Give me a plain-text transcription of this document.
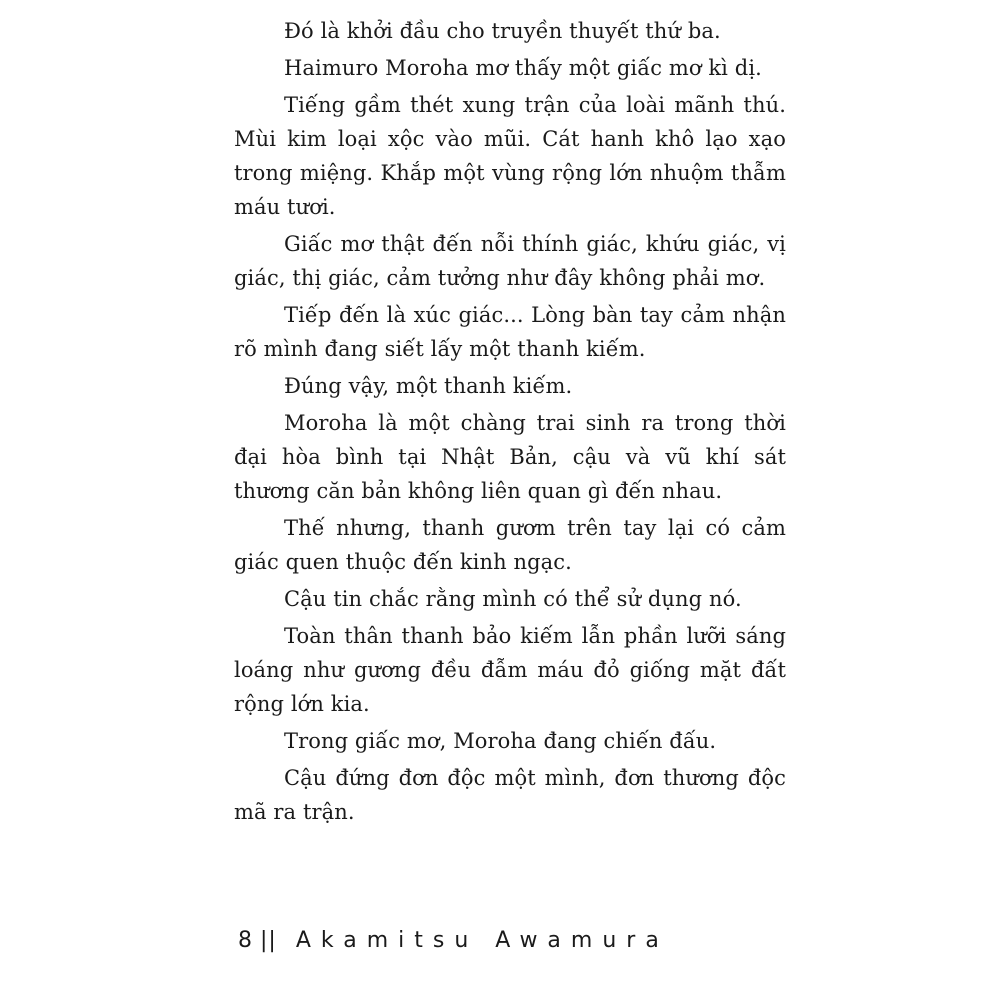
Đó là khởi đầu cho truyền thuyết thứ ba.

Haimuro Moroha mơ thấy một giấc mơ kì dị.

Tiếng gầm thét xung trận của loài mãnh thú. Mùi kim loại xộc vào mũi. Cát hanh khô lạo xạo trong miệng. Khắp một vùng rộng lớn nhuộm thẫm máu tươi.

Giấc mơ thật đến nỗi thính giác, khứu giác, vị giác, thị giác, cảm tưởng như đây không phải mơ.

Tiếp đến là xúc giác... Lòng bàn tay cảm nhận rõ mình đang siết lấy một thanh kiếm.

Đúng vậy, một thanh kiếm.

Moroha là một chàng trai sinh ra trong thời đại hòa bình tại Nhật Bản, cậu và vũ khí sát thương căn bản không liên quan gì đến nhau.

Thế nhưng, thanh gươm trên tay lại có cảm giác quen thuộc đến kinh ngạc.

Cậu tin chắc rằng mình có thể sử dụng nó.

Toàn thân thanh bảo kiếm lẫn phần lưỡi sáng loáng như gương đều đẫm máu đỏ giống mặt đất rộng lớn kia.

Trong giấc mơ, Moroha đang chiến đấu.

Cậu đứng đơn độc một mình, đơn thương độc mã ra trận.

8 || Akamitsu Awamura
